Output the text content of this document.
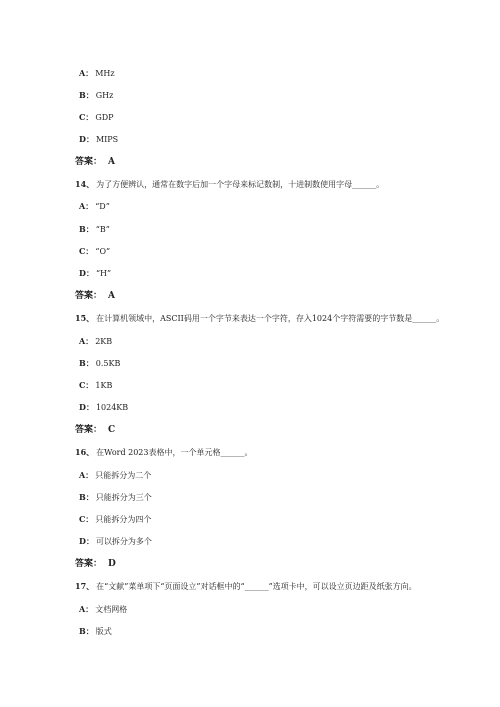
A： MHz
B： GHz
C： GDP
D： MIPS
答案： A
14、 为了方便辨认，通常在数字后加一个字母来标记数制，十进制数使用字母______。
A： “D”
B： “B”
C： “O”
D： “H”
答案： A
15、 在计算机领域中，ASCII码用一个字节来表达一个字符，存入1024个字符需要的字节数是______。
A： 2KB
B： 0.5KB
C： 1KB
D： 1024KB
答案： C
16、 在Word 2023表格中，一个单元格______。
A： 只能拆分为二个
B： 只能拆分为三个
C： 只能拆分为四个
D： 可以拆分为多个
答案： D
17、 在“文献”菜单项下“页面设立”对话框中的“______”选项卡中，可以设立页边距及纸张方向。
A： 文档网格
B： 版式
